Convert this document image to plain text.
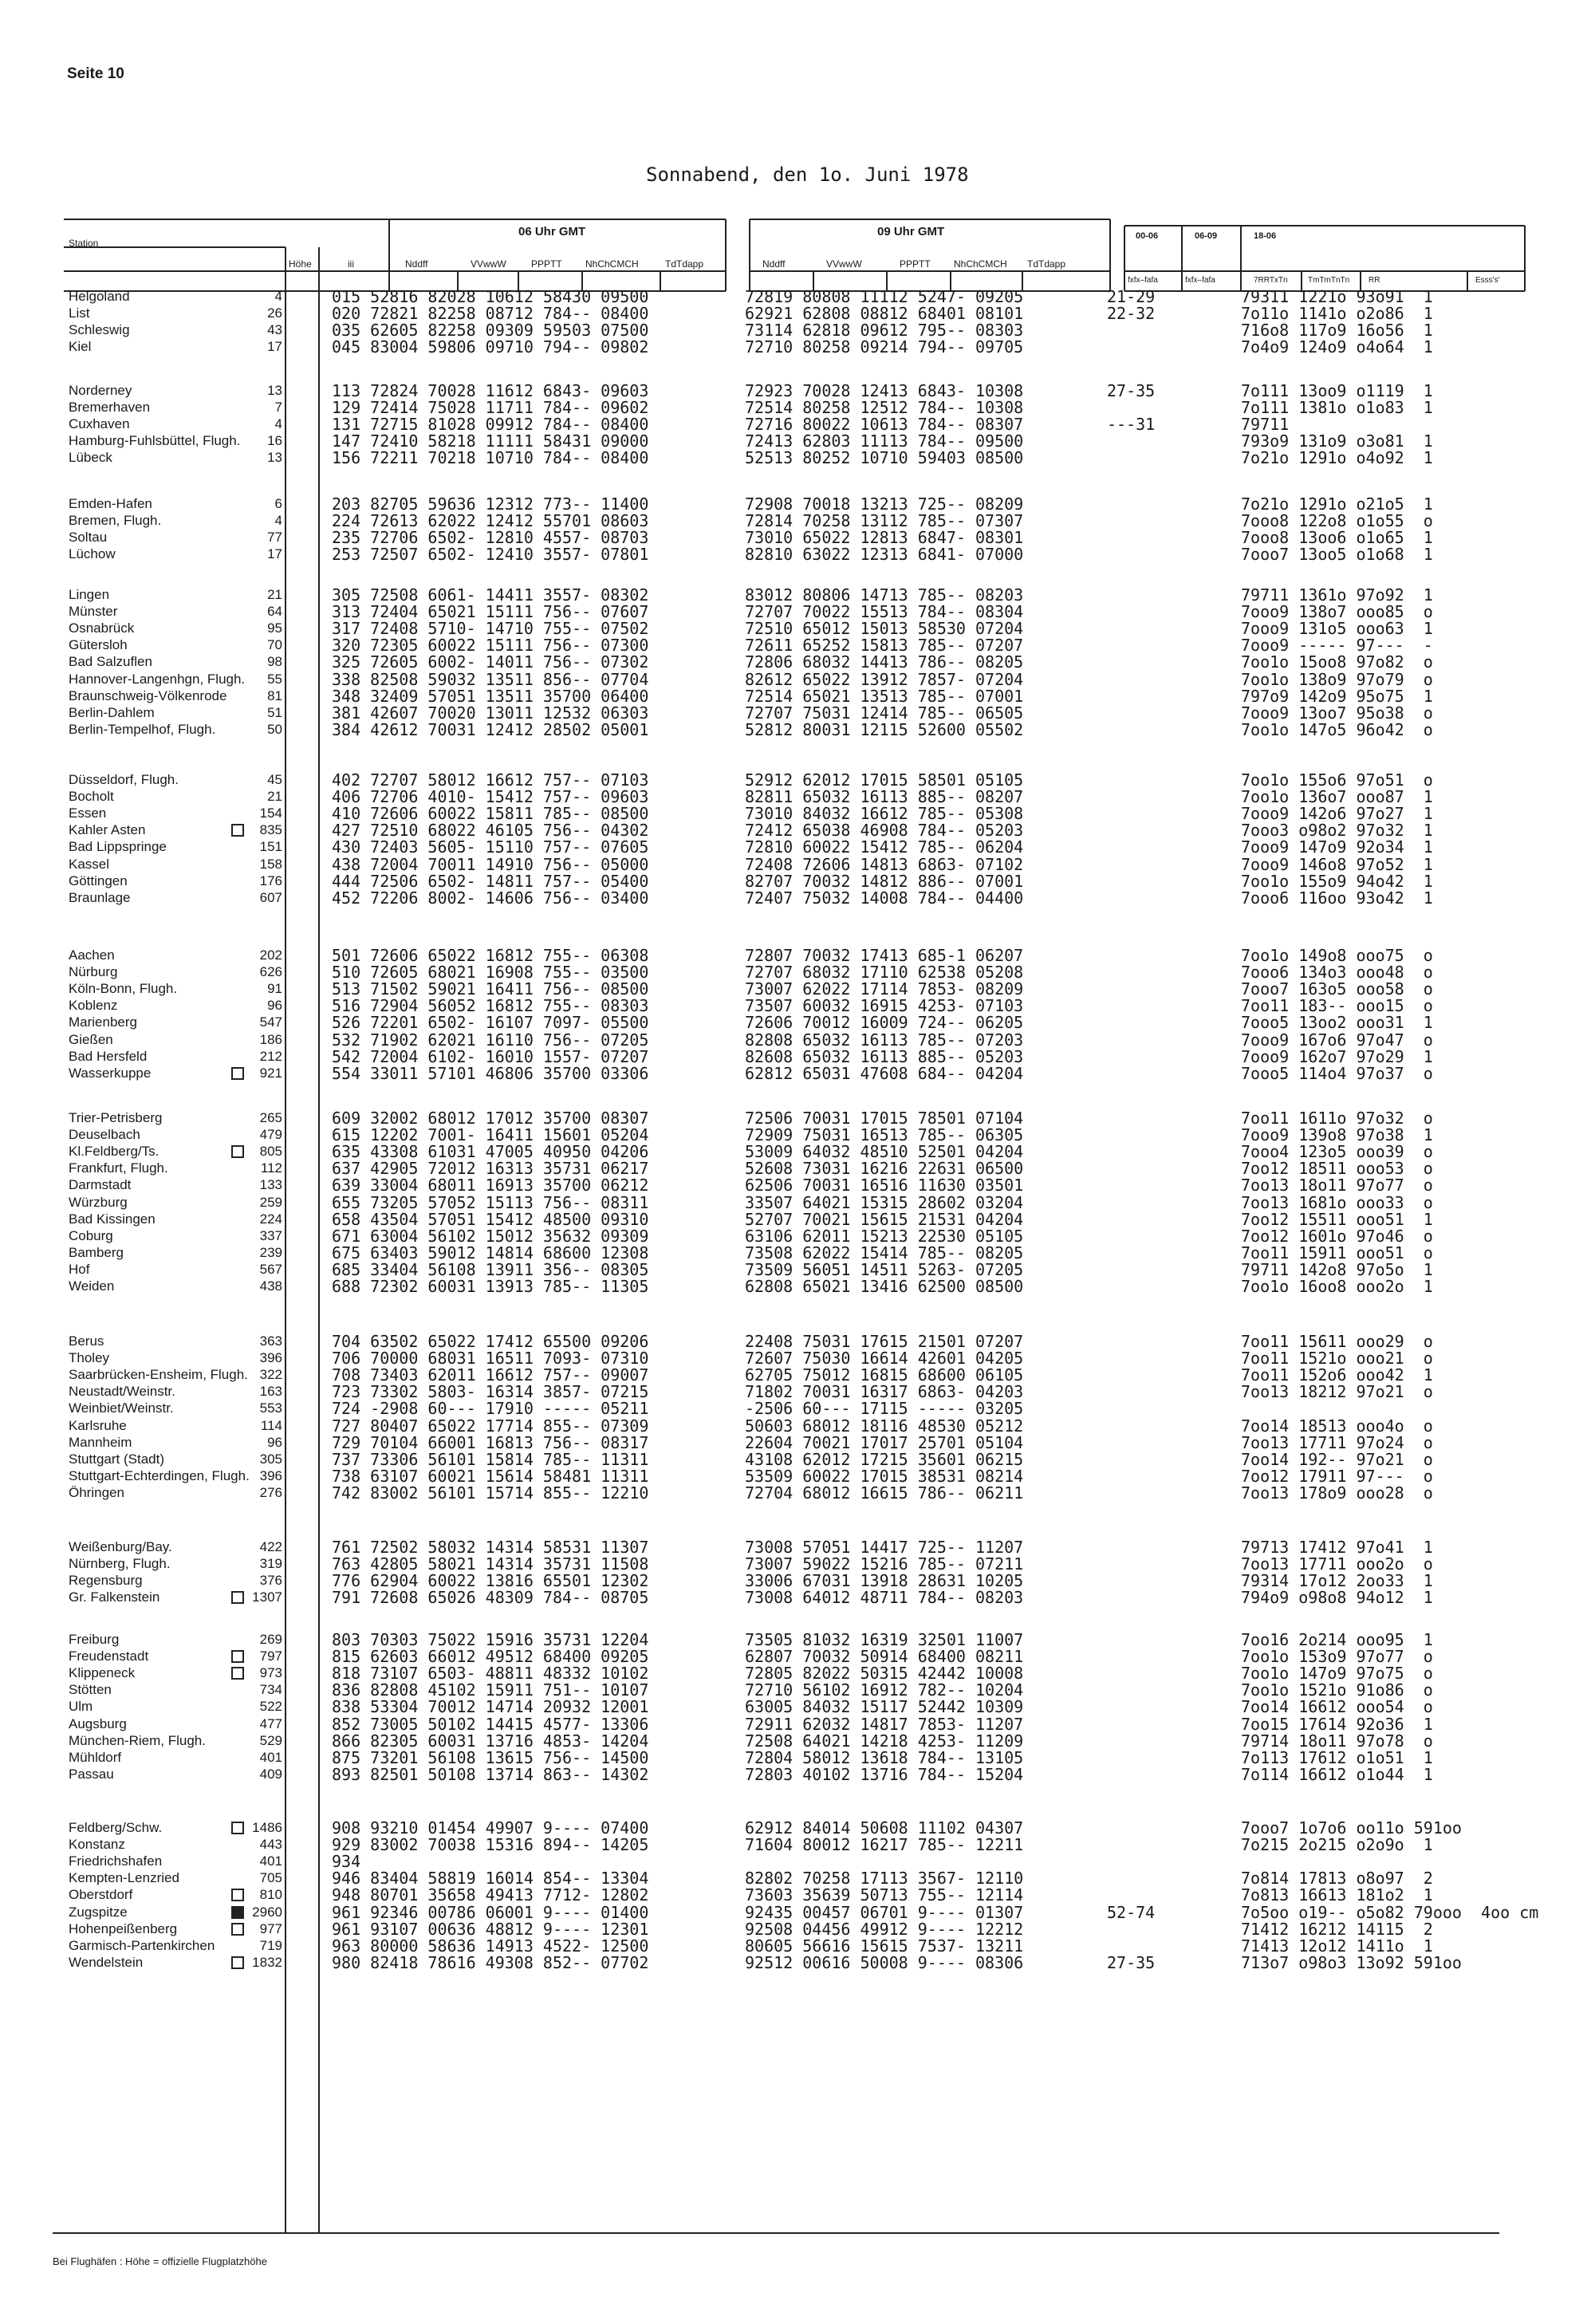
Seite 10
Sonnabend, den 1o. Juni 1978
Station
Höhe	iii
06 Uhr GMT	09 Uhr GMT
Nddff	VVwwW	PPPTT NhChCMCH	TdTdapp	Nddff	VVwwW	PPPTT NhChCMCH TdTdapp
00-06	06-09	18-06
fxfx–fafa	fxfx–fafa	7RRTxTn	TmTmTnTn RR	Esss's'
Helgoland	4	015 52816 82028 10612 58430 09500	72819 80808 11112 5247- 09205	21-29	79311 1221o 93o91  1
List	26	020 72821 82258 08712 784-- 08400	62921 62808 08812 68401 08101	22-32	7o11o 1141o o2o86  1
Schleswig	43	035 62605 82258 09309 59503 07500	73114 62818 09612 795-- 08303	716o8 117o9 16o56  1
Kiel	17	045 83004 59806 09710 794-- 09802	72710 80258 09214 794-- 09705	7o4o9 124o9 o4o64  1
Norderney	13	113 72824 70028 11612 6843- 09603	72923 70028 12413 6843- 10308	27-35	7o111 13oo9 o1119  1
Bremerhaven	7	129 72414 75028 11711 784-- 09602	72514 80258 12512 784-- 10308	7o111 1381o o1o83  1
Cuxhaven	4	131 72715 81028 09912 784-- 08400	72716 80022 10613 784-- 08307	---31	79711
Hamburg-Fuhlsbüttel, Flugh.	16	147 72410 58218 11111 58431 09000	72413 62803 11113 784-- 09500	793o9 131o9 o3o81  1
Lübeck	13	156 72211 70218 10710 784-- 08400	52513 80252 10710 59403 08500	7o21o 1291o o4o92  1
Emden-Hafen	6	203 82705 59636 12312 773-- 11400	72908 70018 13213 725-- 08209	7o21o 1291o o21o5  1
Bremen, Flugh.	4	224 72613 62022 12412 55701 08603	72814 70258 13112 785-- 07307	7ooo8 122o8 o1o55  o
Soltau	77	235 72706 6502- 12810 4557- 08703	73010 65022 12813 6847- 08301	7ooo8 13oo6 o1o65  1
Lüchow	17	253 72507 6502- 12410 3557- 07801	82810 63022 12313 6841- 07000	7ooo7 13oo5 o1o68  1
Lingen	21	305 72508 6061- 14411 3557- 08302	83012 80806 14713 785-- 08203	79711 1361o 97o92  1
Münster	64	313 72404 65021 15111 756-- 07607	72707 70022 15513 784-- 08304	7ooo9 138o7 ooo85  o
Osnabrück	95	317 72408 5710- 14710 755-- 07502	72510 65012 15013 58530 07204	7ooo9 131o5 ooo63  1
Gütersloh	70	320 72305 60022 15111 756-- 07300	72611 65252 15813 785-- 07207	7ooo9 ----- 97---  -
Bad Salzuflen	98	325 72605 6002- 14011 756-- 07302	72806 68032 14413 786-- 08205	7oo1o 15oo8 97o82  o
Hannover-Langenhgn, Flugh.	55	338 82508 59032 13511 856-- 07704	82612 65022 13912 7857- 07204	7oo1o 138o9 97o79  o
Braunschweig-Völkenrode	81	348 32409 57051 13511 35700 06400	72514 65021 13513 785-- 07001	797o9 142o9 95o75  1
Berlin-Dahlem	51	381 42607 70020 13011 12532 06303	72707 75031 12414 785-- 06505	7ooo9 13oo7 95o38  o
Berlin-Tempelhof, Flugh.	50	384 42612 70031 12412 28502 05001	52812 80031 12115 52600 05502	7oo1o 147o5 96o42  o
Düsseldorf, Flugh.	45	402 72707 58012 16612 757-- 07103	52912 62012 17015 58501 05105	7oo1o 155o6 97o51  o
Bocholt	21	406 72706 4010- 15412 757-- 09603	82811 65032 16113 885-- 08207	7oo1o 136o7 ooo87  1
Essen	154	410 72606 60022 15811 785-- 08500	73010 84032 16612 785-- 05308	7ooo9 142o6 97o27  1
Kahler Asten	835	427 72510 68022 46105 756-- 04302	72412 65038 46908 784-- 05203	7ooo3 o98o2 97o32  1
Bad Lippspringe	151	430 72403 5605- 15110 757-- 07605	72810 60022 15412 785-- 06204	7ooo9 147o9 92o34  1
Kassel	158	438 72004 70011 14910 756-- 05000	72408 72606 14813 6863- 07102	7ooo9 146o8 97o52  1
Göttingen	176	444 72506 6502- 14811 757-- 05400	82707 70032 14812 886-- 07001	7oo1o 155o9 94o42  1
Braunlage	607	452 72206 8002- 14606 756-- 03400	72407 75032 14008 784-- 04400	7ooo6 116oo 93o42  1
Aachen	202	501 72606 65022 16812 755-- 06308	72807 70032 17413 685-1 06207	7oo1o 149o8 ooo75  o
Nürburg	626	510 72605 68021 16908 755-- 03500	72707 68032 17110 62538 05208	7ooo6 134o3 ooo48  o
Köln-Bonn, Flugh.	91	513 71502 59021 16411 756-- 08500	73007 62022 17114 7853- 08209	7ooo7 163o5 ooo58  o
Koblenz	96	516 72904 56052 16812 755-- 08303	73507 60032 16915 4253- 07103	7oo11 183-- ooo15  o
Marienberg	547	526 72201 6502- 16107 7097- 05500	72606 70012 16009 724-- 06205	7ooo5 13oo2 ooo31  1
Gießen	186	532 71902 62021 16110 756-- 07205	82808 65032 16113 785-- 07203	7ooo9 167o6 97o47  o
Bad Hersfeld	212	542 72004 6102- 16010 1557- 07207	82608 65032 16113 885-- 05203	7ooo9 162o7 97o29  1
Wasserkuppe	921	554 33011 57101 46806 35700 03306	62812 65031 47608 684-- 04204	7ooo5 114o4 97o37  o
Trier-Petrisberg	265	609 32002 68012 17012 35700 08307	72506 70031 17015 78501 07104	7oo11 1611o 97o32  o
Deuselbach	479	615 12202 7001- 16411 15601 05204	72909 75031 16513 785-- 06305	7ooo9 139o8 97o38  1
Kl.Feldberg/Ts.	805	635 43308 61031 47005 40950 04206	53009 64032 48510 52501 04204	7ooo4 123o5 ooo39  o
Frankfurt, Flugh.	112	637 42905 72012 16313 35731 06217	52608 73031 16216 22631 06500	7oo12 18511 ooo53  o
Darmstadt	133	639 33004 68011 16913 35700 06212	62506 70031 16516 11630 03501	7oo13 18o11 97o77  o
Würzburg	259	655 73205 57052 15113 756-- 08311	33507 64021 15315 28602 03204	7oo13 1681o ooo33  o
Bad Kissingen	224	658 43504 57051 15412 48500 09310	52707 70021 15615 21531 04204	7oo12 15511 ooo51  1
Coburg	337	671 63004 56102 15012 35632 09309	63106 62011 15213 22530 05105	7oo12 1601o 97o46  o
Bamberg	239	675 63403 59012 14814 68600 12308	73508 62022 15414 785-- 08205	7oo11 15911 ooo51  o
Hof	567	685 33404 56108 13911 356-- 08305	73509 56051 14511 5263- 07205	79711 142o8 97o5o  1
Weiden	438	688 72302 60031 13913 785-- 11305	62808 65021 13416 62500 08500	7oo1o 16oo8 ooo2o  1
Berus	363	704 63502 65022 17412 65500 09206	22408 75031 17615 21501 07207	7oo11 15611 ooo29  o
Tholey	396	706 70000 68031 16511 7093- 07310	72607 75030 16614 42601 04205	7oo11 1521o ooo21  o
Saarbrücken-Ensheim, Flugh. 322	708 73403 62011 16612 757-- 09007	62705 75012 16815 68600 06105	7oo11 152o6 ooo42  1
Neustadt/Weinstr.	163	723 73302 5803- 16314 3857- 07215	71802 70031 16317 6863- 04203	7oo13 18212 97o21  o
Weinbiet/Weinstr.	553	724 -2908 60--- 17910 ----- 05211	-2506 60--- 17115 ----- 03205
Karlsruhe	114	727 80407 65022 17714 855-- 07309	50603 68012 18116 48530 05212	7oo14 18513 ooo4o  o
Mannheim	96	729 70104 66001 16813 756-- 08317	22604 70021 17017 25701 05104	7oo13 17711 97o24  o
Stuttgart (Stadt)	305	737 73306 56101 15814 785-- 11311	43108 62012 17215 35601 06215	7oo14 192-- 97o21  o
Stuttgart-Echterdingen, Flugh. 396	738 63107 60021 15614 58481 11311	53509 60022 17015 38531 08214	7oo12 17911 97---  o
Öhringen	276	742 83002 56101 15714 855-- 12210	72704 68012 16615 786-- 06211	7oo13 178o9 ooo28  o
Weißenburg/Bay.	422	761 72502 58032 14314 58531 11307	73008 57051 14417 725-- 11207	79713 17412 97o41  1
Nürnberg, Flugh.	319	763 42805 58021 14314 35731 11508	73007 59022 15216 785-- 07211	7oo13 17711 ooo2o  o
Regensburg	376	776 62904 60022 13816 65501 12302	33006 67031 13918 28631 10205	79314 17o12 2oo33  1
Gr. Falkenstein	1307	791 72608 65026 48309 784-- 08705	73008 64012 48711 784-- 08203	794o9 o98o8 94o12  1
Freiburg	269	803 70303 75022 15916 35731 12204	73505 81032 16319 32501 11007	7oo16 2o214 ooo95  1
Freudenstadt	797	815 62603 66012 49512 68400 09205	62807 70032 50914 68400 08211	7oo1o 153o9 97o77  o
Klippeneck	973	818 73107 6503- 48811 48332 10102	72805 82022 50315 42442 10008	7oo1o 147o9 97o75  o
Stötten	734	836 82808 45102 15911 751-- 10107	72710 56102 16912 782-- 10204	7oo1o 1521o 91o86  o
Ulm	522	838 53304 70012 14714 20932 12001	63005 84032 15117 52442 10309	7oo14 16612 ooo54  o
Augsburg	477	852 73005 50102 14415 4577- 13306	72911 62032 14817 7853- 11207	7oo15 17614 92o36  1
München-Riem, Flugh.	529	866 82305 60031 13716 4853- 14204	72508 64021 14218 4253- 11209	79714 18o11 97o78  o
Mühldorf	401	875 73201 56108 13615 756-- 14500	72804 58012 13618 784-- 13105	7o113 17612 o1o51  1
Passau	409	893 82501 50108 13714 863-- 14302	72803 40102 13716 784-- 15204	7o114 16612 o1o44  1
Feldberg/Schw.	1486	908 93210 01454 49907 9---- 07400	62912 84014 50608 11102 04307	7ooo7 1o7o6 oo11o 591oo
Konstanz	443	929 83002 70038 15316 894-- 14205	71604 80012 16217 785-- 12211	7o215 2o215 o2o9o  1
Friedrichshafen	401	934
Kempten-Lenzried	705	946 83404 58819 16014 854-- 13304	82802 70258 17113 3567- 12110	7o814 17813 o8o97  2
Oberstdorf	810	948 80701 35658 49413 7712- 12802	73603 35639 50713 755-- 12114	7o813 16613 181o2  1
Zugspitze	2960	961 92346 00786 06001 9---- 01400	92435 00457 06701 9---- 01307	52-74	7o5oo o19-- o5o82 79ooo  4oo cm
Hohenpeißenberg	977	961 93107 00636 48812 9---- 12301	92508 04456 49912 9---- 12212	71412 16212 14115  2
Garmisch-Partenkirchen	719	963 80000 58636 14913 4522- 12500	80605 56616 15615 7537- 13211	71413 12o12 1411o  1
Wendelstein	1832	980 82418 78616 49308 852-- 07702	92512 00616 50008 9---- 08306	27-35	713o7 o98o3 13o92 591oo
Bei Flughäfen : Höhe = offizielle Flugplatzhöhe
